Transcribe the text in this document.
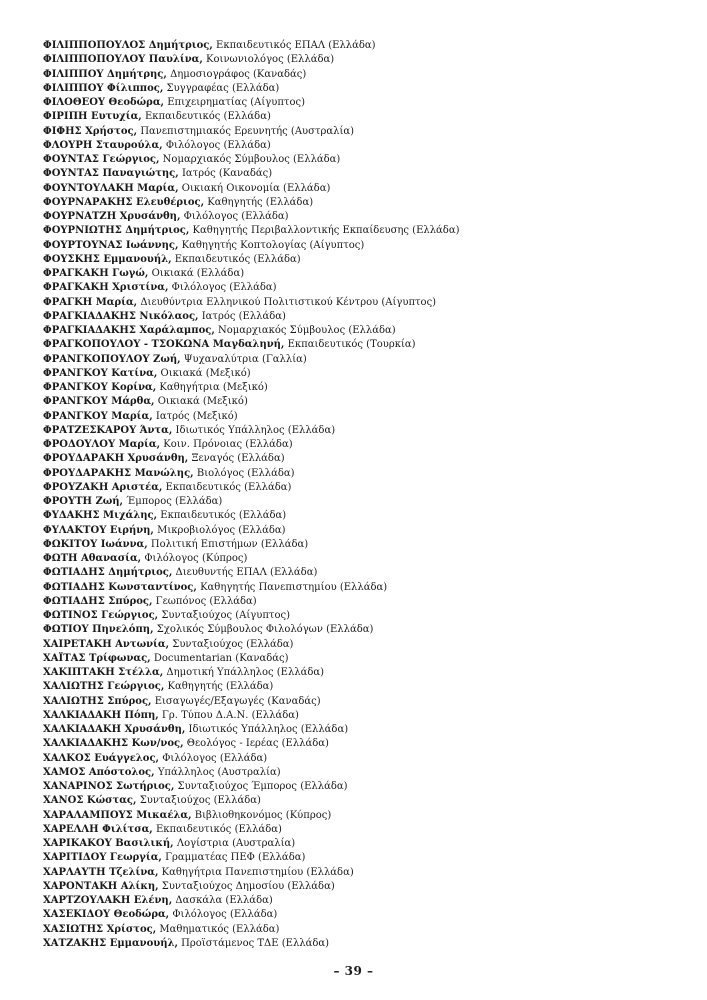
ΦΙΛΙΠΠΟΠΟΥΛΟΣ Δημήτριος, Εκπαιδευτικός ΕΠΑΛ (Ελλάδα)
ΦΙΛΙΠΠΟΠΟΥΛΟΥ Παυλίνα, Κοινωνιολόγος (Ελλάδα)
ΦΙΛΙΠΠΟΥ Δημήτρης, Δημοσιογράφος (Καναδάς)
ΦΙΛΙΠΠΟΥ Φίλιππος, Συγγραφέας (Ελλάδα)
ΦΙΛΟΘΕΟΥ Θεοδώρα, Επιχειρηματίας (Αίγυπτος)
ΦΙΡΙΠΗ Ευτυχία, Εκπαιδευτικός (Ελλάδα)
ΦΙΦΗΣ Χρήστος, Πανεπιστημιακός Ερευνητής (Αυστραλία)
ΦΛΟΥΡΗ Σταυρούλα, Φιλόλογος (Ελλάδα)
ΦΟΥΝΤΑΣ Γεώργιος, Νομαρχιακός Σύμβουλος (Ελλάδα)
ΦΟΥΝΤΑΣ Παναγιώτης, Ιατρός (Καναδάς)
ΦΟΥΝΤΟΥΛΑΚΗ Μαρία, Οικιακή Οικονομία (Ελλάδα)
ΦΟΥΡΝΑΡΑΚΗΣ Ελευθέριος, Καθηγητής (Ελλάδα)
ΦΟΥΡΝΑΤΖΗ Χρυσάνθη, Φιλόλογος (Ελλάδα)
ΦΟΥΡΝΙΩΤΗΣ Δημήτριος, Καθηγητής Περιβαλλοντικής Εκπαίδευσης (Ελλάδα)
ΦΟΥΡΤΟΥΝΑΣ Ιωάννης, Καθηγητής Κοπτολογίας (Αίγυπτος)
ΦΟΥΣΚΗΣ Εμμανουήλ, Εκπαιδευτικός (Ελλάδα)
ΦΡΑΓΚΑΚΗ Γωγώ, Οικιακά (Ελλάδα)
ΦΡΑΓΚΑΚΗ Χριστίνα, Φιλόλογος (Ελλάδα)
ΦΡΑΓΚΗ Μαρία, Διευθύντρια Ελληνικού Πολιτιστικού Κέντρου (Αίγυπτος)
ΦΡΑΓΚΙΑΔΑΚΗΣ Νικόλαος, Ιατρός (Ελλάδα)
ΦΡΑΓΚΙΑΔΑΚΗΣ Χαράλαμπος, Νομαρχιακός Σύμβουλος (Ελλάδα)
ΦΡΑΓΚΟΠΟΥΛΟΥ - ΤΣΟΚΩΝΑ Μαγδαληνή, Εκπαιδευτικός (Τουρκία)
ΦΡΑΝΓΚΟΠΟΥΛΟΥ Ζωή, Ψυχαναλύτρια (Γαλλία)
ΦΡΑΝΓΚΟΥ Κατίνα, Οικιακά (Μεξικό)
ΦΡΑΝΓΚΟΥ Κορίνα, Καθηγήτρια (Μεξικό)
ΦΡΑΝΓΚΟΥ Μάρθα, Οικιακά (Μεξικό)
ΦΡΑΝΓΚΟΥ Μαρία, Ιατρός (Μεξικό)
ΦΡΑΤΖΕΣΚΑΡΟΥ Άντα, Ιδιωτικός Υπάλληλος (Ελλάδα)
ΦΡΟΔΟΥΛΟΥ Μαρία, Κοιν. Πρόνοιας (Ελλάδα)
ΦΡΟΥΔΑΡΑΚΗ Χρυσάνθη, Ξεναγός (Ελλάδα)
ΦΡΟΥΔΑΡΑΚΗΣ Μανώλης, Βιολόγος (Ελλάδα)
ΦΡΟΥΖΑΚΗ Αριστέα, Εκπαιδευτικός (Ελλάδα)
ΦΡΟΥΤΗ Ζωή, Έμπορος (Ελλάδα)
ΦΥΔΑΚΗΣ Μιχάλης, Εκπαιδευτικός (Ελλάδα)
ΦΥΛΑΚΤΟΥ Ειρήνη, Μικροβιολόγος (Ελλάδα)
ΦΩΚΙΤΟΥ Ιωάννα, Πολιτική Επιστήμων (Ελλάδα)
ΦΩΤΗ Αθανασία, Φιλόλογος (Κύπρος)
ΦΩΤΙΑΔΗΣ Δημήτριος, Διευθυντής ΕΠΑΛ (Ελλάδα)
ΦΩΤΙΑΔΗΣ Κωνσταντίνος, Καθηγητής Πανεπιστημίου (Ελλάδα)
ΦΩΤΙΑΔΗΣ Σπύρος, Γεωπόνος (Ελλάδα)
ΦΩΤΙΝΟΣ Γεώργιος, Συνταξιούχος (Αίγυπτος)
ΦΩΤΙΟΥ Πηνελόπη, Σχολικός Σύμβουλος Φιλολόγων (Ελλάδα)
ΧΑΙΡΕΤΑΚΗ Αντωνία, Συνταξιούχος (Ελλάδα)
ΧΑΪΤΑΣ Τρίφωνας, Documentarian (Καναδάς)
ΧΑΚΙΠΤΑΚΗ Στέλλα, Δημοτική Υπάλληλος (Ελλάδα)
ΧΑΛΙΩΤΗΣ Γεώργιος, Καθηγητής (Ελλάδα)
ΧΑΛΙΩΤΗΣ Σπύρος, Εισαγωγές/Εξαγωγές (Καναδάς)
ΧΑΛΚΙΑΔΑΚΗ Πόπη, Γρ. Τύπου Δ.Α.Ν. (Ελλάδα)
ΧΑΛΚΙΑΔΑΚΗ Χρυσάνθη, Ιδιωτικός Υπάλληλος (Ελλάδα)
ΧΑΛΚΙΑΔΑΚΗΣ Κων/νος, Θεολόγος - Ιερέας (Ελλάδα)
ΧΑΛΚΟΣ Ευάγγελος, Φιλόλογος (Ελλάδα)
ΧΑΜΟΣ Απόστολος, Υπάλληλος (Αυστραλία)
ΧΑΝΑΡΙΝΟΣ Σωτήριος, Συνταξιούχος Έμπορος (Ελλάδα)
ΧΑΝΟΣ Κώστας, Συνταξιούχος (Ελλάδα)
ΧΑΡΑΛΑΜΠΟΥΣ Μικαέλα, Βιβλιοθηκονόμος (Κύπρος)
ΧΑΡΕΛΛΗ Φιλίτσα, Εκπαιδευτικός (Ελλάδα)
ΧΑΡΙΚΑΚΟΥ Βασιλική, Λογίστρια (Αυστραλία)
ΧΑΡΙΤΙΔΟΥ Γεωργία, Γραμματέας ΠΕΦ (Ελλάδα)
ΧΑΡΛΑΥΤΗ Τζελίνα, Καθηγήτρια Πανεπιστημίου (Ελλάδα)
ΧΑΡΟΝΤΑΚΗ Αλίκη, Συνταξιούχος Δημοσίου (Ελλάδα)
ΧΑΡΤΖΟΥΛΑΚΗ Ελένη, Δασκάλα (Ελλάδα)
ΧΑΣΕΚΙΔΟΥ Θεοδώρα, Φιλόλογος (Ελλάδα)
ΧΑΣΙΩΤΗΣ Χρίστος, Μαθηματικός (Ελλάδα)
ΧΑΤΖΑΚΗΣ Εμμανουήλ, Προϊστάμενος ΤΔΕ (Ελλάδα)
– 39 –
